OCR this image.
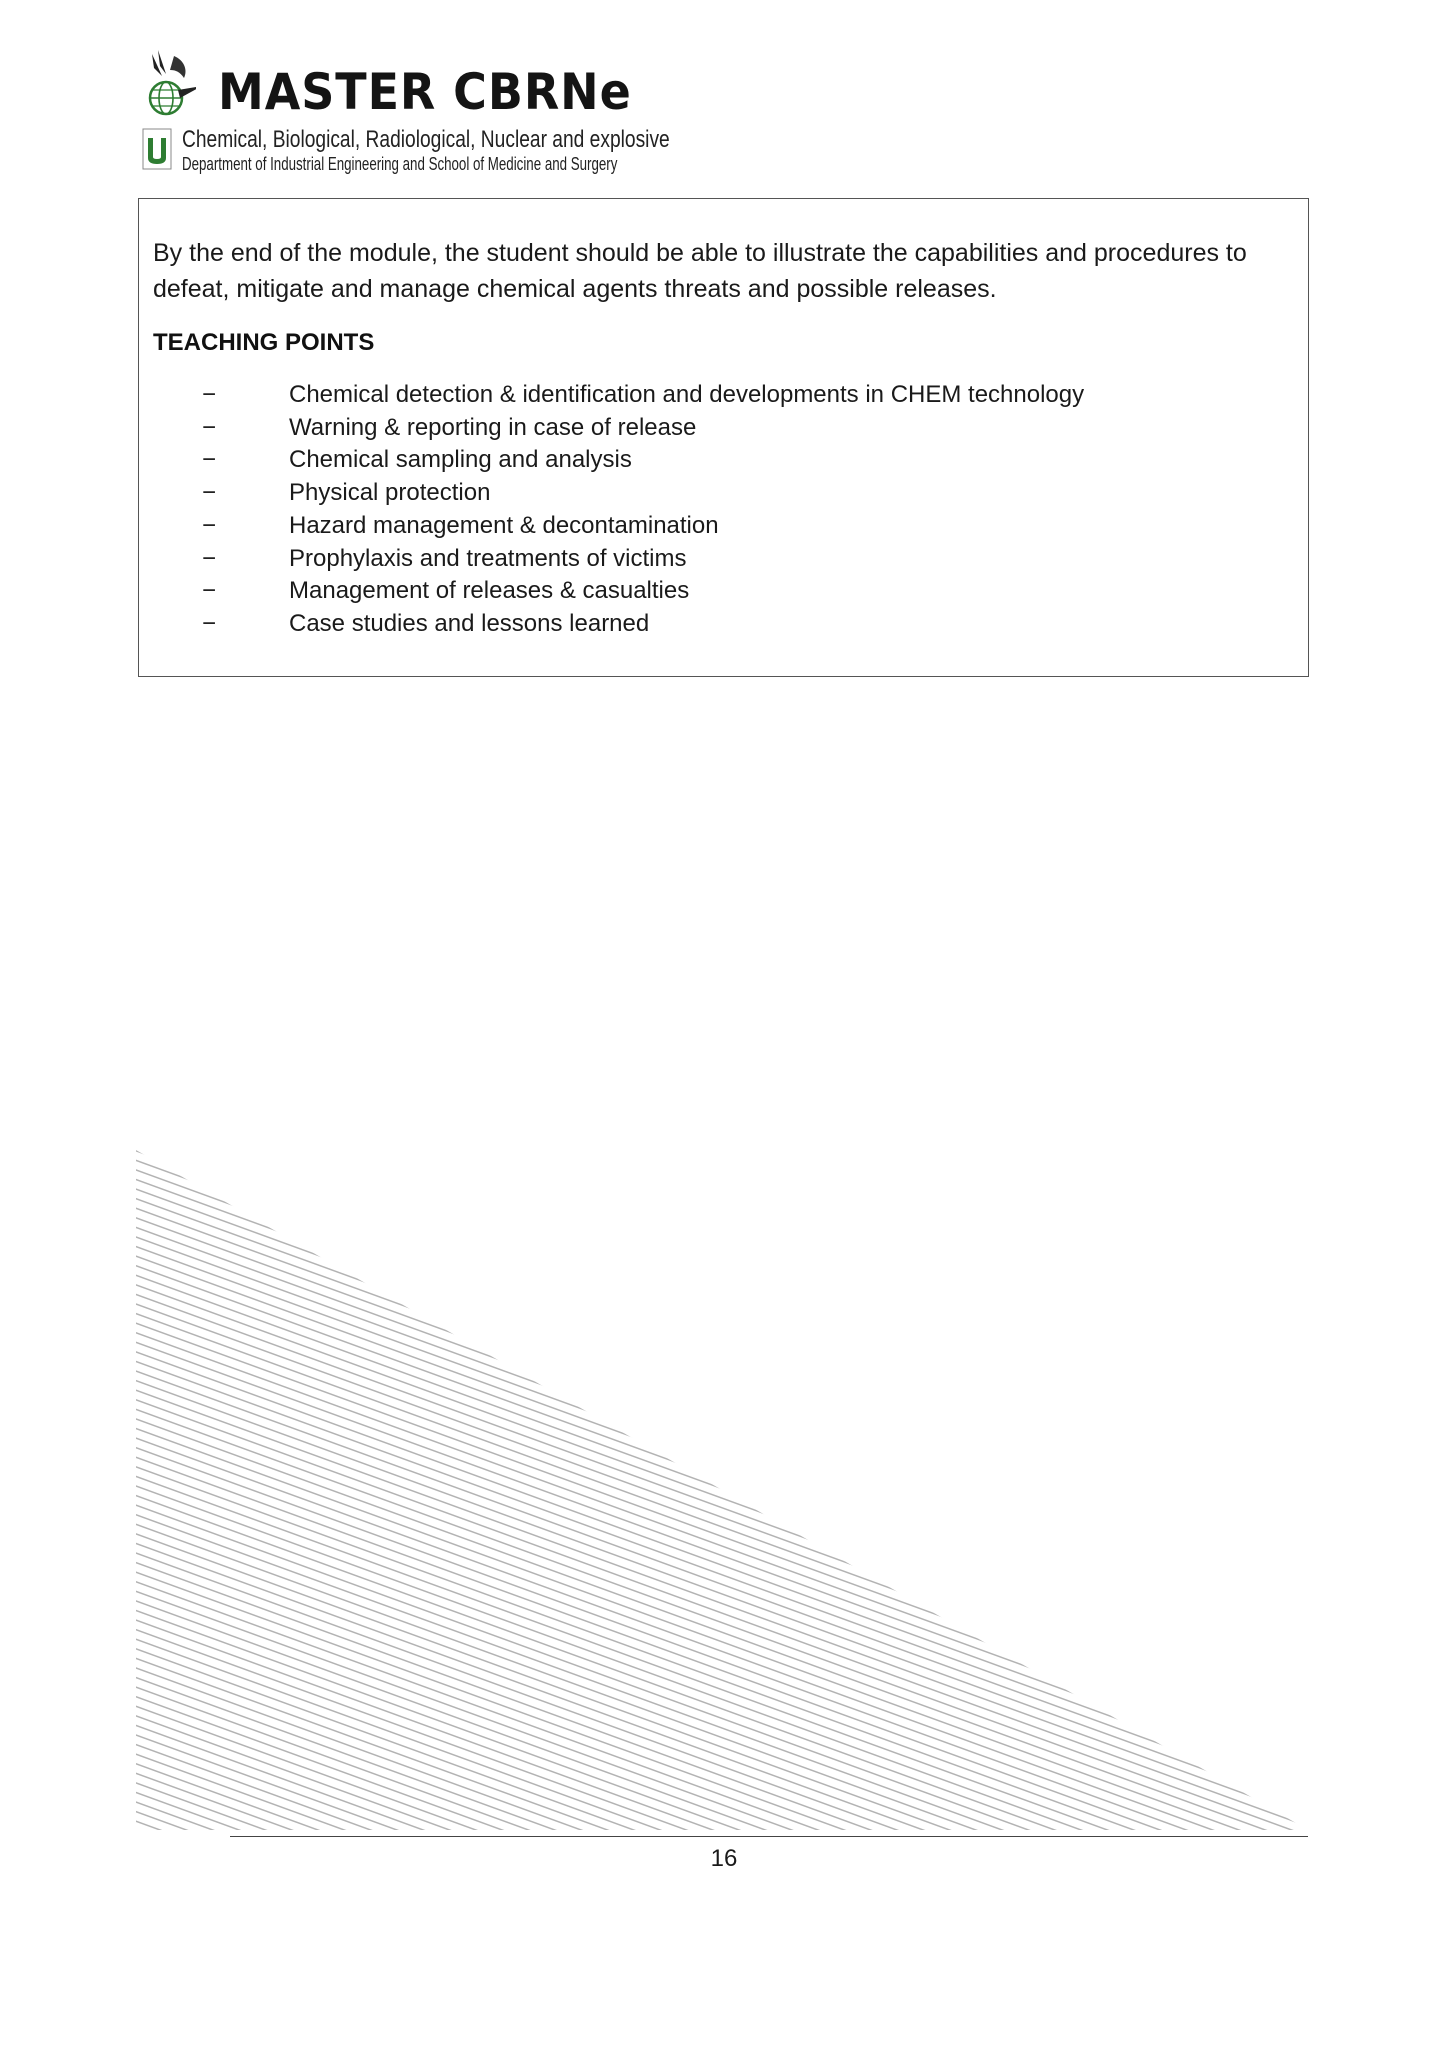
MASTER CBRNe
Chemical, Biological, Radiological, Nuclear and explosive
Department of Industrial Engineering and School of Medicine and Surgery

By the end of the module, the student should be able to illustrate the capabilities and procedures to defeat, mitigate and manage chemical agents threats and possible releases.

TEACHING POINTS
−	Chemical detection & identification and developments in CHEM technology
−	Warning & reporting in case of release
−	Chemical sampling and analysis
−	Physical protection
−	Hazard management & decontamination
−	Prophylaxis and treatments of victims
−	Management of releases & casualties
−	Case studies and lessons learned
16
